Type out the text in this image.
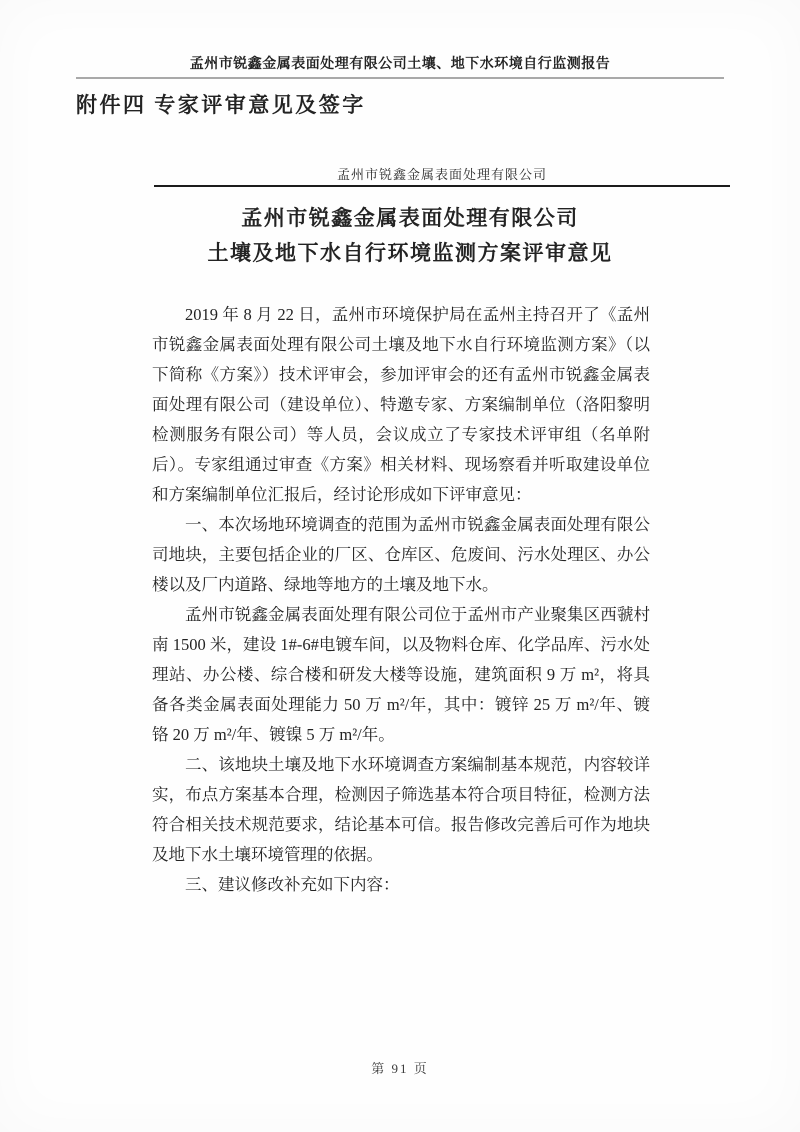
孟州市锐鑫金属表面处理有限公司土壤、地下水环境自行监测报告
附件四 专家评审意见及签字
孟州市锐鑫金属表面处理有限公司
孟州市锐鑫金属表面处理有限公司
土壤及地下水自行环境监测方案评审意见

2019 年 8 月 22 日，孟州市环境保护局在孟州主持召开了《孟州市锐鑫金属表面处理有限公司土壤及地下水自行环境监测方案》（以下简称《方案》）技术评审会，参加评审会的还有孟州市锐鑫金属表面处理有限公司（建设单位）、特邀专家、方案编制单位（洛阳黎明检测服务有限公司）等人员，会议成立了专家技术评审组（名单附后）。专家组通过审查《方案》相关材料、现场察看并听取建设单位和方案编制单位汇报后，经讨论形成如下评审意见：

一、本次场地环境调查的范围为孟州市锐鑫金属表面处理有限公司地块，主要包括企业的厂区、仓库区、危废间、污水处理区、办公楼以及厂内道路、绿地等地方的土壤及地下水。

孟州市锐鑫金属表面处理有限公司位于孟州市产业聚集区西虢村南 1500 米，建设 1#-6#电镀车间，以及物料仓库、化学品库、污水处理站、办公楼、综合楼和研发大楼等设施，建筑面积 9 万 m²，将具备各类金属表面处理能力 50 万 m²/年，其中：镀锌 25 万 m²/年、镀铬 20 万 m²/年、镀镍 5 万 m²/年。

二、该地块土壤及地下水环境调查方案编制基本规范，内容较详实，布点方案基本合理，检测因子筛选基本符合项目特征，检测方法符合相关技术规范要求，结论基本可信。报告修改完善后可作为地块及地下水土壤环境管理的依据。

三、建议修改补充如下内容：

第 91 页
